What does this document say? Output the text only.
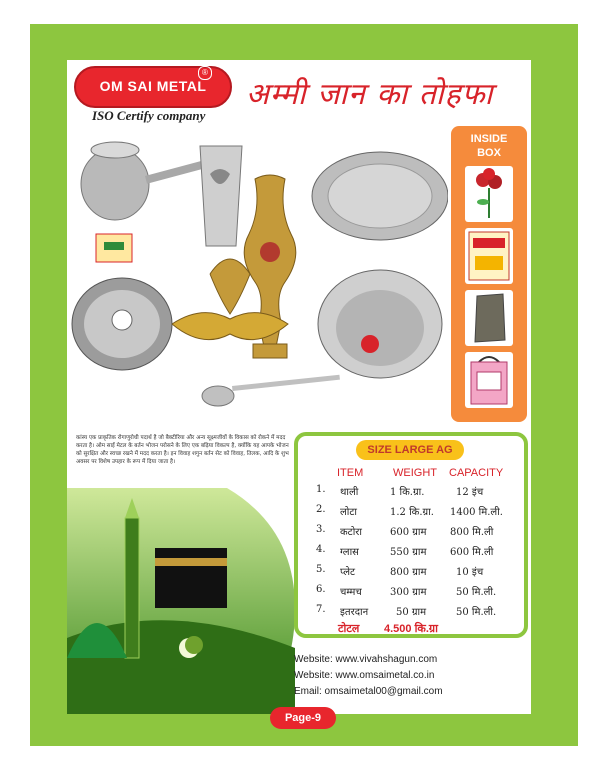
OM SAI METAL
®
ISO Certify company
अम्मी जान का तोहफा
INSIDE
BOX
कांस्य एक प्राकृतिक रोगाणुरोधी पदार्थ है जो बैक्टीरिया और अन्य सूक्ष्मजीवों के विकास को रोकने में मदद करता है। ओम साईं मेटल के बर्तन भोजन परोसने के लिए एक बढ़िया विकल्प है, क्योंकि यह आपके भोजन को सुरक्षित और स्वच्छ रखने में मदद करता है। इन विवाह शगुन बर्तन सेट को विवाह, तिलक, आदि के शुभ अवसर पर विशेष उपहार के रूप में दिया जाता है।
SIZE LARGE AG
ITEM	WEIGHT CAPACITY
1. थाली	1 कि.ग्रा.	12 इंच
2. लोटा	1.2 कि.ग्रा. 1400 मि.ली.
3. कटोरा	600 ग्राम 800 मि.ली
4. ग्लास	550 ग्राम 600 मि.ली
5. प्लेट	800 ग्राम	10 इंच
6. चम्मच	300 ग्राम	50 मि.ली.
7. इतरदान	50 ग्राम	50 मि.ली.
टोटल 4.500 कि.ग्रा
Website: www.vivahshagun.com
Website: www.omsaimetal.co.in
Email: omsaimetal00@gmail.com
Page-9
